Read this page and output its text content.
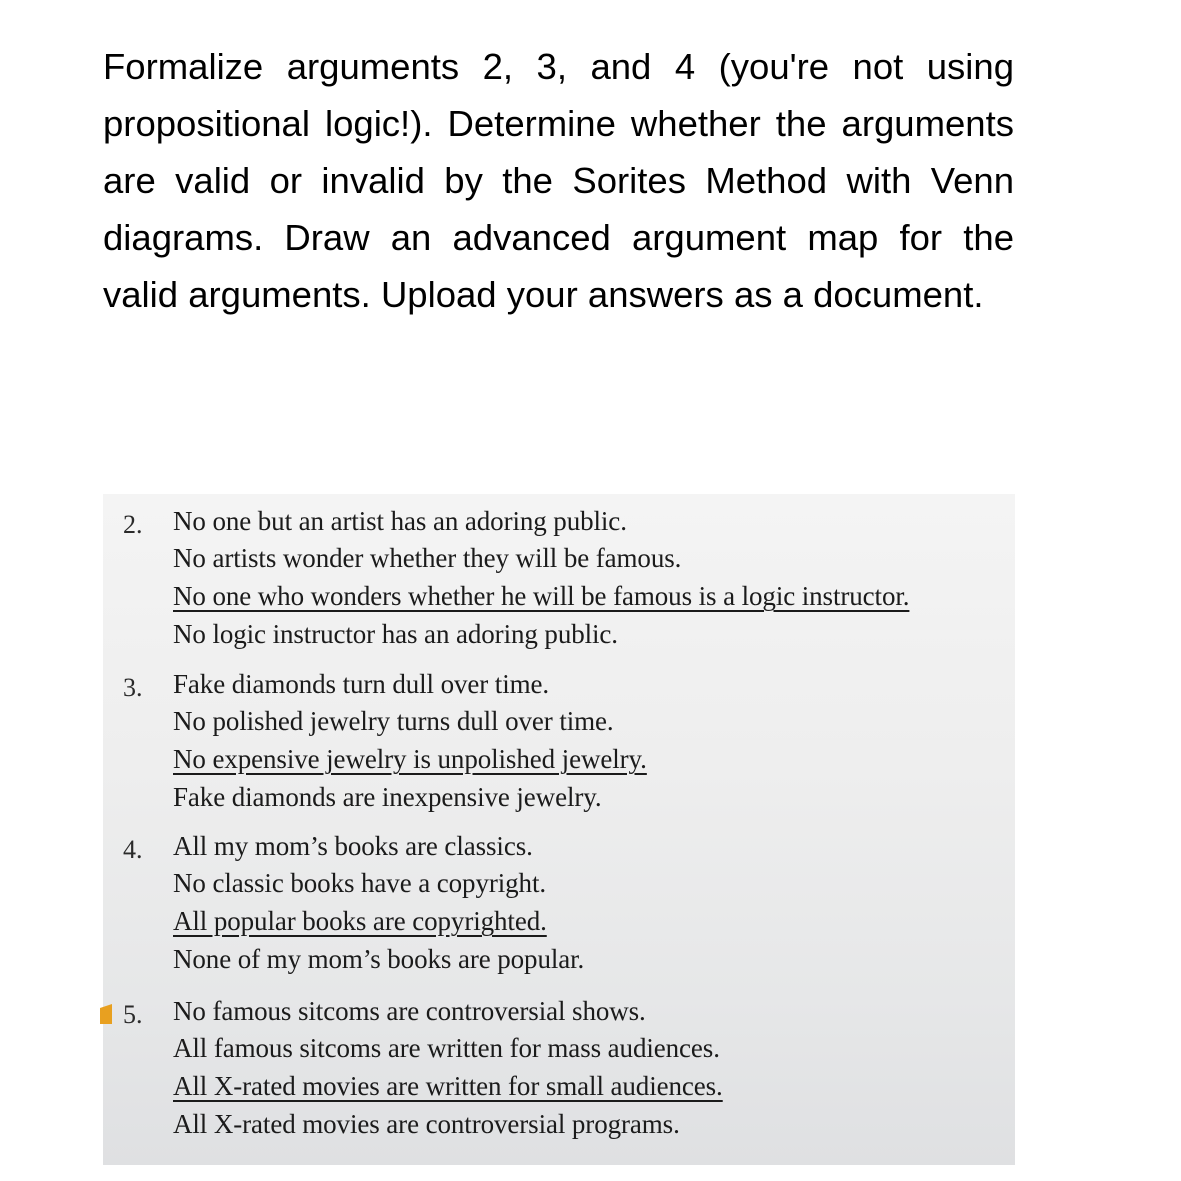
Formalize arguments 2, 3, and 4 (you're not using propositional logic!). Determine whether the arguments are valid or invalid by the Sorites Method with Venn diagrams. Draw an advanced argument map for the valid arguments. Upload your answers as a document.
2. No one but an artist has an adoring public.
No artists wonder whether they will be famous.
No one who wonders whether he will be famous is a logic instructor.
No logic instructor has an adoring public.
3. Fake diamonds turn dull over time.
No polished jewelry turns dull over time.
No expensive jewelry is unpolished jewelry.
Fake diamonds are inexpensive jewelry.
4. All my mom’s books are classics.
No classic books have a copyright.
All popular books are copyrighted.
None of my mom’s books are popular.
5. No famous sitcoms are controversial shows.
All famous sitcoms are written for mass audiences.
All X-rated movies are written for small audiences.
All X-rated movies are controversial programs.
